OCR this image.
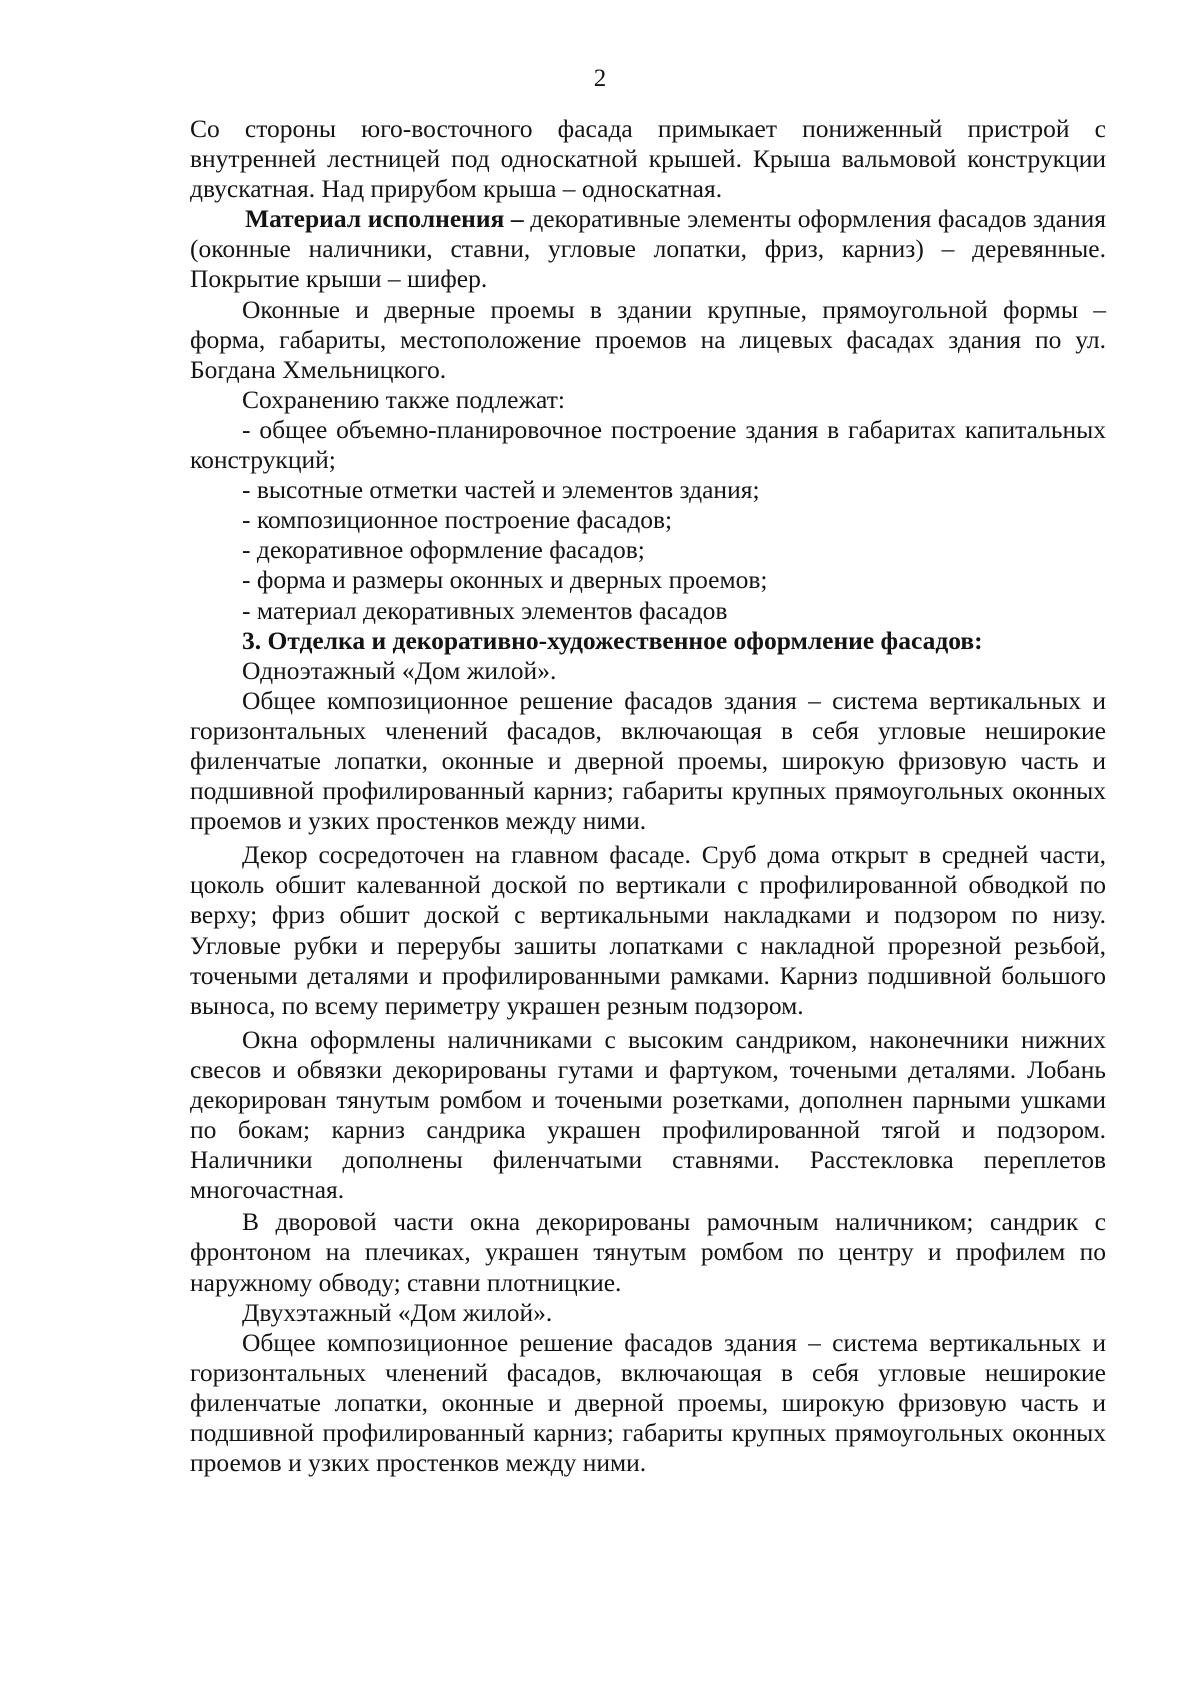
2

Со стороны юго-восточного фасада примыкает пониженный пристрой с внутренней лестницей под односкатной крышей. Крыша вальмовой конструкции двускатная. Над прирубом крыша – односкатная.

Материал исполнения – декоративные элементы оформления фасадов здания (оконные наличники, ставни, угловые лопатки, фриз, карниз) – деревянные. Покрытие крыши – шифер.

Оконные и дверные проемы в здании крупные, прямоугольной формы – форма, габариты, местоположение проемов на лицевых фасадах здания по ул. Богдана Хмельницкого.

Сохранению также подлежат:

- общее объемно-планировочное построение здания в габаритах капитальных конструкций;

- высотные отметки частей и элементов здания;

- композиционное построение фасадов;

- декоративное оформление фасадов;

- форма и размеры оконных и дверных проемов;

- материал декоративных элементов фасадов

3. Отделка и декоративно-художественное оформление фасадов:

Одноэтажный «Дом жилой».

Общее композиционное решение фасадов здания – система вертикальных и горизонтальных членений фасадов, включающая в себя угловые неширокие филенчатые лопатки, оконные и дверной проемы, широкую фризовую часть и подшивной профилированный карниз; габариты крупных прямоугольных оконных проемов и узких простенков между ними.

Декор сосредоточен на главном фасаде. Сруб дома открыт в средней части, цоколь обшит калеванной доской по вертикали с профилированной обводкой по верху; фриз обшит доской с вертикальными накладками и подзором по низу. Угловые рубки и перерубы зашиты лопатками с накладной прорезной резьбой, точеными деталями и профилированными рамками. Карниз подшивной большого выноса, по всему периметру украшен резным подзором.

Окна оформлены наличниками с высоким сандриком, наконечники нижних свесов и обвязки декорированы гутами и фартуком, точеными деталями. Лобань декорирован тянутым ромбом и точеными розетками, дополнен парными ушками по бокам; карниз сандрика украшен профилированной тягой и подзором. Наличники дополнены филенчатыми ставнями. Расстекловка переплетов многочастная.

В дворовой части окна декорированы рамочным наличником; сандрик с фронтоном на плечиках, украшен тянутым ромбом по центру и профилем по наружному обводу; ставни плотницкие.

Двухэтажный «Дом жилой».

Общее композиционное решение фасадов здания – система вертикальных и горизонтальных членений фасадов, включающая в себя угловые неширокие филенчатые лопатки, оконные и дверной проемы, широкую фризовую часть и подшивной профилированный карниз; габариты крупных прямоугольных оконных проемов и узких простенков между ними.
